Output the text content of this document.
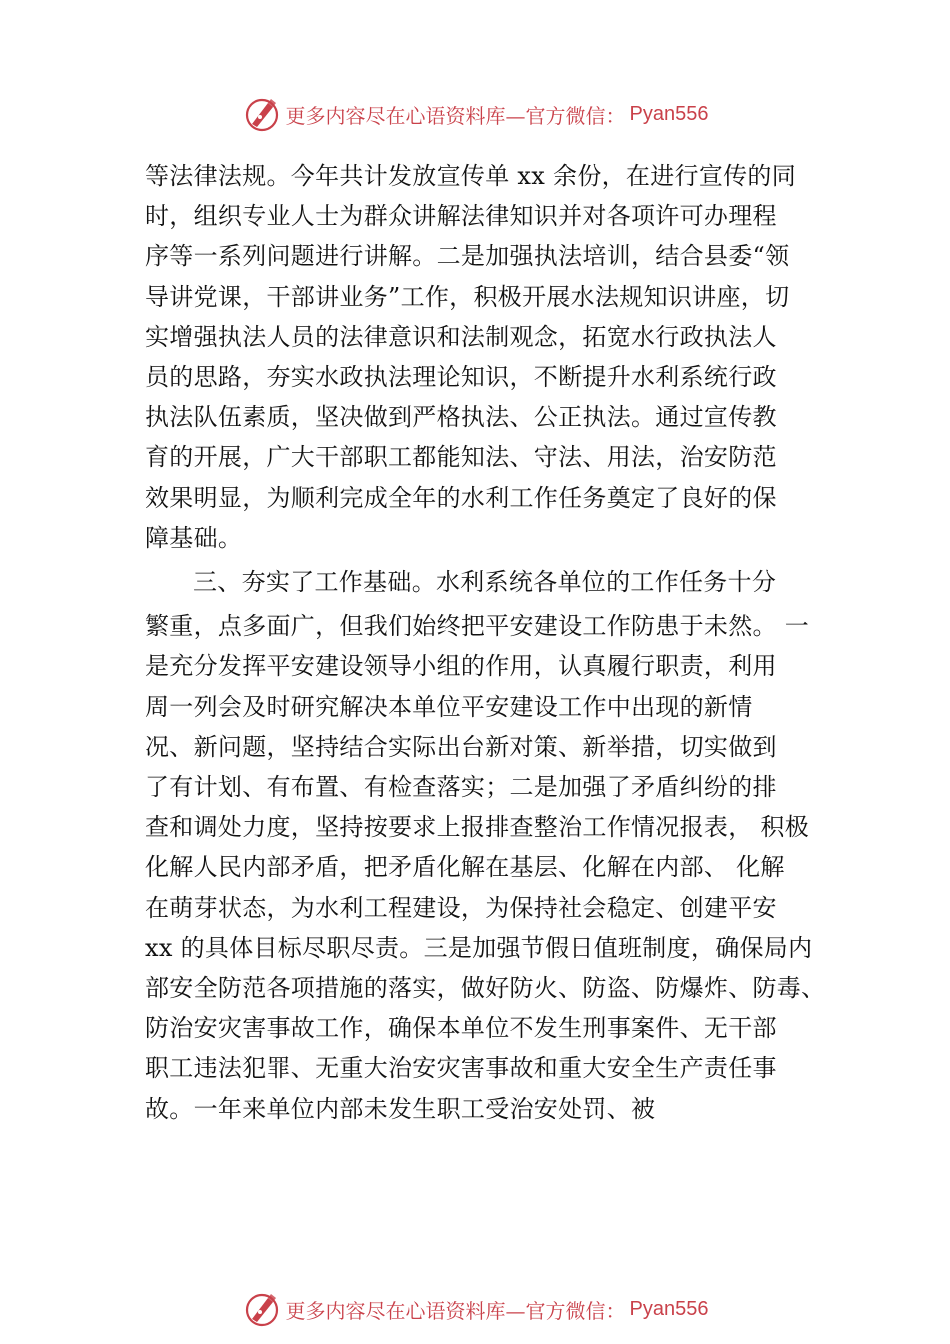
更多内容尽在心语资料库—官方微信： Pyan556

等法律法规。今年共计发放宣传单 xx 余份，在进行宣传的同

时，组织专业人士为群众讲解法律知识并对各项许可办理程

序等一系列问题进行讲解。二是加强执法培训，结合县委“领

导讲党课，干部讲业务”工作，积极开展水法规知识讲座，切

实增强执法人员的法律意识和法制观念，拓宽水行政执法人

员的思路，夯实水政执法理论知识，不断提升水利系统行政

执法队伍素质，坚决做到严格执法、公正执法。通过宣传教

育的开展，广大干部职工都能知法、守法、用法，治安防范

效果明显，为顺利完成全年的水利工作任务奠定了良好的保

障基础。

三、夯实了工作基础。水利系统各单位的工作任务十分

繁重，点多面广，但我们始终把平安建设工作防患于未然。 一

是充分发挥平安建设领导小组的作用，认真履行职责，利用

周一列会及时研究解决本单位平安建设工作中出现的新情

况、新问题，坚持结合实际出台新对策、新举措，切实做到

了有计划、有布置、有检查落实；二是加强了矛盾纠纷的排

查和调处力度，坚持按要求上报排查整治工作情况报表， 积极

化解人民内部矛盾，把矛盾化解在基层、化解在内部、 化解

在萌芽状态，为水利工程建设，为保持社会稳定、创建平安

xx 的具体目标尽职尽责。三是加强节假日值班制度，确保局内

部安全防范各项措施的落实，做好防火、防盗、防爆炸、防毒、

防治安灾害事故工作，确保本单位不发生刑事案件、无干部

职工违法犯罪、无重大治安灾害事故和重大安全生产责任事

故。一年来单位内部未发生职工受治安处罚、被

更多内容尽在心语资料库—官方微信： Pyan556
